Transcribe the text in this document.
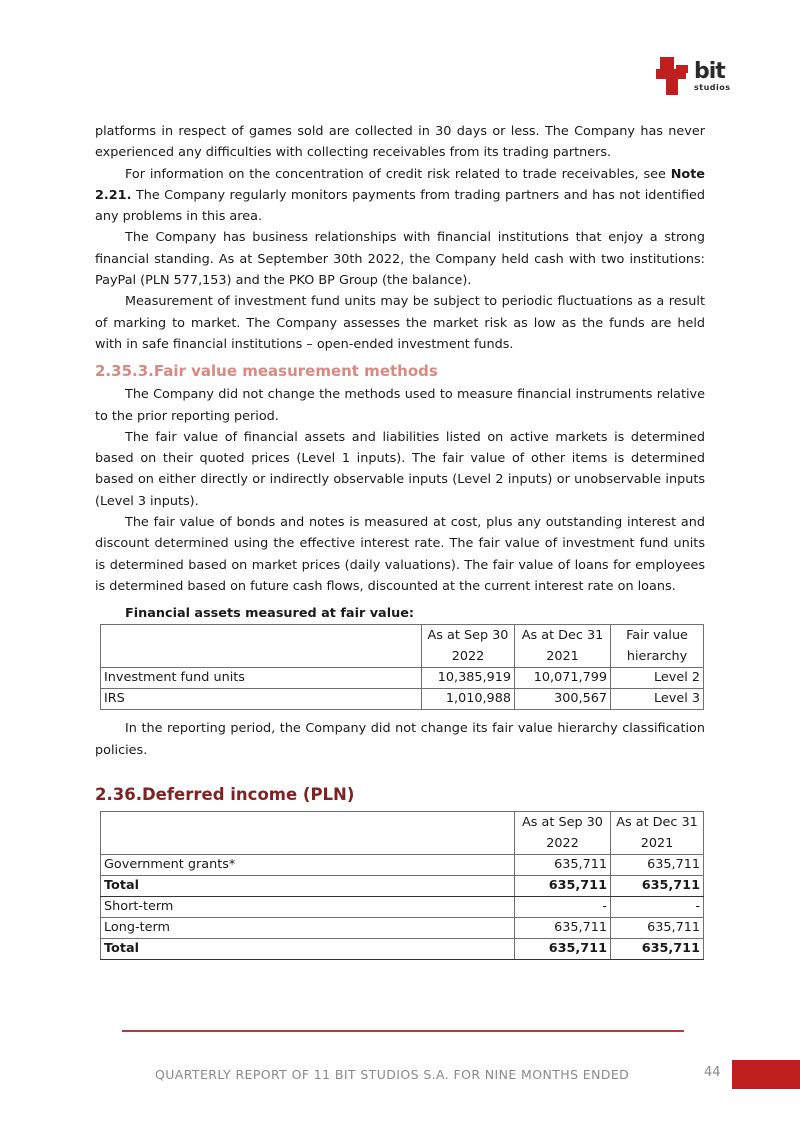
bit
studios

platforms in respect of games sold are collected in 30 days or less. The Company has never experienced any difficulties with collecting receivables from its trading partners.

For information on the concentration of credit risk related to trade receivables, see Note 2.21. The Company regularly monitors payments from trading partners and has not identified any problems in this area.

The Company has business relationships with financial institutions that enjoy a strong financial standing. As at September 30th 2022, the Company held cash with two institutions: PayPal (PLN 577,153) and the PKO BP Group (the balance).

Measurement of investment fund units may be subject to periodic fluctuations as a result of marking to market. The Company assesses the market risk as low as the funds are held with in safe financial institutions – open-ended investment funds.

2.35.3.Fair value measurement methods

The Company did not change the methods used to measure financial instruments relative to the prior reporting period.

The fair value of financial assets and liabilities listed on active markets is determined based on their quoted prices (Level 1 inputs). The fair value of other items is determined based on either directly or indirectly observable inputs (Level 2 inputs) or unobservable inputs (Level 3 inputs).

The fair value of bonds and notes is measured at cost, plus any outstanding interest and discount determined using the effective interest rate. The fair value of investment fund units is determined based on market prices (daily valuations). The fair value of loans for employees is determined based on future cash flows, discounted at the current interest rate on loans.

Financial assets measured at fair value:
	As at Sep 30 2022	As at Dec 31 2021	Fair value hierarchy
Investment fund units	10,385,919	10,071,799	Level 2
IRS	1,010,988	300,567	Level 3

In the reporting period, the Company did not change its fair value hierarchy classification policies.

2.36.Deferred income (PLN)
	As at Sep 30 2022	As at Dec 31 2021
Government grants*	635,711	635,711
Total	635,711	635,711
Short-term	-	-
Long-term	635,711	635,711
Total	635,711	635,711
QUARTERLY REPORT OF 11 BIT STUDIOS S.A. FOR NINE MONTHS ENDED	44
